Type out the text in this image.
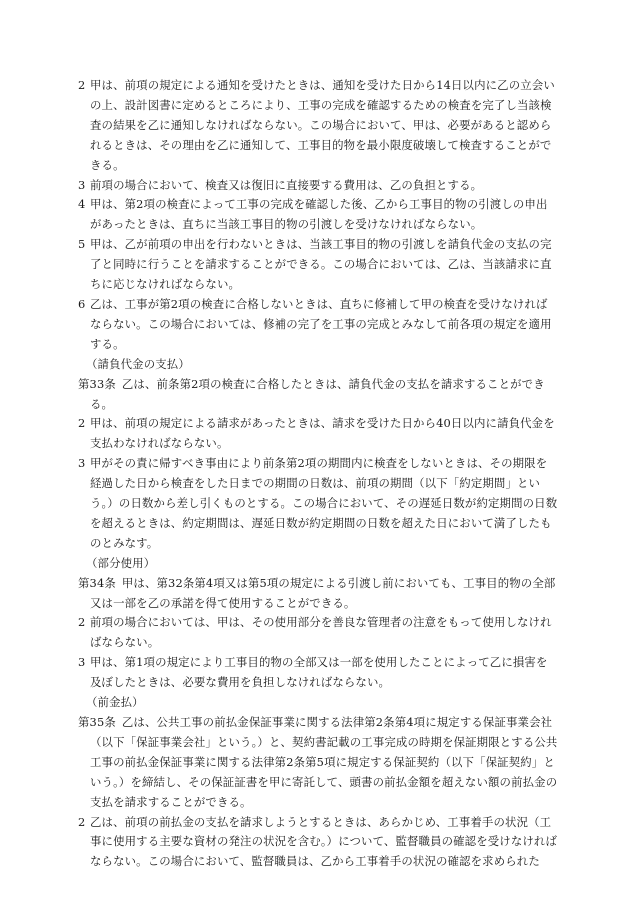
2 甲は、前項の規定による通知を受けたときは、通知を受けた日から14日以内に乙の立会いの上、設計図書に定めるところにより、工事の完成を確認するための検査を完了し当該検査の結果を乙に通知しなければならない。この場合において、甲は、必要があると認められるときは、その理由を乙に通知して、工事目的物を最小限度破壊して検査することができる。

3 前項の場合において、検査又は復旧に直接要する費用は、乙の負担とする。

4 甲は、第2項の検査によって工事の完成を確認した後、乙から工事目的物の引渡しの申出があったときは、直ちに当該工事目的物の引渡しを受けなければならない。

5 甲は、乙が前項の申出を行わないときは、当該工事目的物の引渡しを請負代金の支払の完了と同時に行うことを請求することができる。この場合においては、乙は、当該請求に直ちに応じなければならない。

6 乙は、工事が第2項の検査に合格しないときは、直ちに修補して甲の検査を受けなければならない。この場合においては、修補の完了を工事の完成とみなして前各項の規定を適用する。

（請負代金の支払）

第33条 乙は、前条第2項の検査に合格したときは、請負代金の支払を請求することができる。

2 甲は、前項の規定による請求があったときは、請求を受けた日から40日以内に請負代金を支払わなければならない。

3 甲がその責に帰すべき事由により前条第2項の期間内に検査をしないときは、その期限を経過した日から検査をした日までの期間の日数は、前項の期間（以下「約定期間」という。）の日数から差し引くものとする。この場合において、その遅延日数が約定期間の日数を超えるときは、約定期間は、遅延日数が約定期間の日数を超えた日において満了したものとみなす。

（部分使用）

第34条 甲は、第32条第4項又は第5項の規定による引渡し前においても、工事目的物の全部又は一部を乙の承諾を得て使用することができる。

2 前項の場合においては、甲は、その使用部分を善良な管理者の注意をもって使用しなければならない。

3 甲は、第1項の規定により工事目的物の全部又は一部を使用したことによって乙に損害を及ぼしたときは、必要な費用を負担しなければならない。

（前金払）

第35条 乙は、公共工事の前払金保証事業に関する法律第2条第4項に規定する保証事業会社（以下「保証事業会社」という。）と、契約書記載の工事完成の時期を保証期限とする公共工事の前払金保証事業に関する法律第2条第5項に規定する保証契約（以下「保証契約」という。）を締結し、その保証証書を甲に寄託して、頭書の前払金額を超えない額の前払金の支払を請求することができる。

2 乙は、前項の前払金の支払を請求しようとするときは、あらかじめ、工事着手の状況（工事に使用する主要な資材の発注の状況を含む。）について、監督職員の確認を受けなければならない。この場合において、監督職員は、乙から工事着手の状況の確認を求められた
